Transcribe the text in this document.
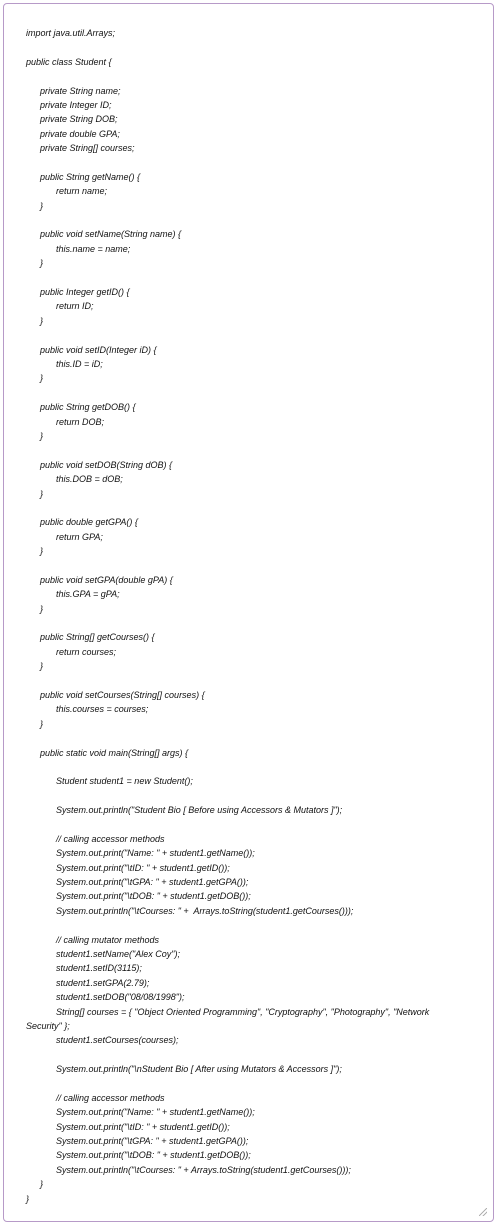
import java.util.Arrays;
public class Student {
private String name;
private Integer ID;
private String DOB;
private double GPA;
private String[] courses;
public String getName() {
return name;
}
public void setName(String name) {
this.name = name;
}
public Integer getID() {
return ID;
}
public void setID(Integer iD) {
this.ID = iD;
}
public String getDOB() {
return DOB;
}
public void setDOB(String dOB) {
this.DOB = dOB;
}
public double getGPA() {
return GPA;
}
public void setGPA(double gPA) {
this.GPA = gPA;
}
public String[] getCourses() {
return courses;
}
public void setCourses(String[] courses) {
this.courses = courses;
}
public static void main(String[] args) {
Student student1 = new Student();
System.out.println("Student Bio [ Before using Accessors & Mutators ]");
// calling accessor methods
System.out.print("Name: " + student1.getName());
System.out.print("\tID: " + student1.getID());
System.out.print("\tGPA: " + student1.getGPA());
System.out.print("\tDOB: " + student1.getDOB());
System.out.println("\tCourses: " +  Arrays.toString(student1.getCourses()));
// calling mutator methods
student1.setName("Alex Coy");
student1.setID(3115);
student1.setGPA(2.79);
student1.setDOB("08/08/1998");
String[] courses = { "Object Oriented Programming", "Cryptography", "Photography", "Network
Security" };
student1.setCourses(courses);
System.out.println("\nStudent Bio [ After using Mutators & Accessors ]");
// calling accessor methods
System.out.print("Name: " + student1.getName());
System.out.print("\tID: " + student1.getID());
System.out.print("\tGPA: " + student1.getGPA());
System.out.print("\tDOB: " + student1.getDOB());
System.out.println("\tCourses: " + Arrays.toString(student1.getCourses()));
}
}
